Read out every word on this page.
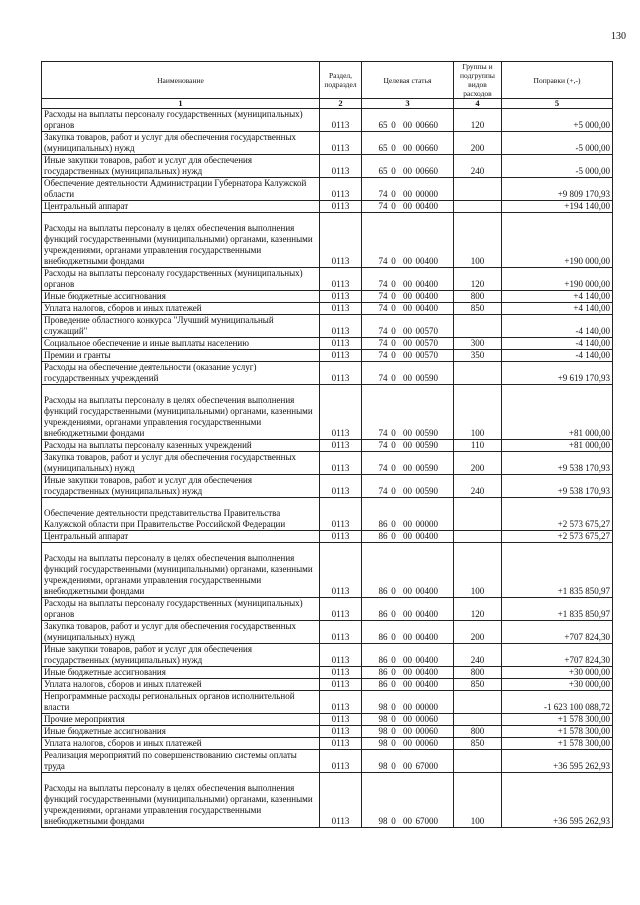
130
Наименование	Раздел, подраздел	Целевая статья	Группы и подгруппы видов расходов	Поправки (+,-)
1	2	3	4	5
Расходы на выплаты персоналу государственных (муниципальных) органов	0113	65 0 00 00660	120	+5 000,00
Закупка товаров, работ и услуг для обеспечения государственных (муниципальных) нужд	0113	65 0 00 00660	200	-5 000,00
Иные закупки товаров, работ и услуг для обеспечения государственных (муниципальных) нужд	0113	65 0 00 00660	240	-5 000,00
Обеспечение деятельности Администрации Губернатора Калужской области	0113	74 0 00 00000		+9 809 170,93
Центральный аппарат	0113	74 0 00 00400		+194 140,00
Расходы на выплаты персоналу в целях обеспечения выполнения функций государственными (муниципальными) органами, казенными учреждениями, органами управления государственными внебюджетными фондами	0113	74 0 00 00400	100	+190 000,00
Расходы на выплаты персоналу государственных (муниципальных) органов	0113	74 0 00 00400	120	+190 000,00
Иные бюджетные ассигнования	0113	74 0 00 00400	800	+4 140,00
Уплата налогов, сборов и иных платежей	0113	74 0 00 00400	850	+4 140,00
Проведение областного конкурса "Лучший муниципальный служащий"	0113	74 0 00 00570		-4 140,00
Социальное обеспечение и иные выплаты населению	0113	74 0 00 00570	300	-4 140,00
Премии и гранты	0113	74 0 00 00570	350	-4 140,00
Расходы на обеспечение деятельности (оказание услуг) государственных учреждений	0113	74 0 00 00590		+9 619 170,93
Расходы на выплаты персоналу в целях обеспечения выполнения функций государственными (муниципальными) органами, казенными учреждениями, органами управления государственными внебюджетными фондами	0113	74 0 00 00590	100	+81 000,00
Расходы на выплаты персоналу казенных учреждений	0113	74 0 00 00590	110	+81 000,00
Закупка товаров, работ и услуг для обеспечения государственных (муниципальных) нужд	0113	74 0 00 00590	200	+9 538 170,93
Иные закупки товаров, работ и услуг для обеспечения государственных (муниципальных) нужд	0113	74 0 00 00590	240	+9 538 170,93
Обеспечение деятельности представительства Правительства Калужской области при Правительстве Российской Федерации	0113	86 0 00 00000		+2 573 675,27
Центральный аппарат	0113	86 0 00 00400		+2 573 675,27
Расходы на выплаты персоналу в целях обеспечения выполнения функций государственными (муниципальными) органами, казенными учреждениями, органами управления государственными внебюджетными фондами	0113	86 0 00 00400	100	+1 835 850,97
Расходы на выплаты персоналу государственных (муниципальных) органов	0113	86 0 00 00400	120	+1 835 850,97
Закупка товаров, работ и услуг для обеспечения государственных (муниципальных) нужд	0113	86 0 00 00400	200	+707 824,30
Иные закупки товаров, работ и услуг для обеспечения государственных (муниципальных) нужд	0113	86 0 00 00400	240	+707 824,30
Иные бюджетные ассигнования	0113	86 0 00 00400	800	+30 000,00
Уплата налогов, сборов и иных платежей	0113	86 0 00 00400	850	+30 000,00
Непрограммные расходы региональных органов исполнительной власти	0113	98 0 00 00000		-1 623 100 088,72
Прочие мероприятия	0113	98 0 00 00060		+1 578 300,00
Иные бюджетные ассигнования	0113	98 0 00 00060	800	+1 578 300,00
Уплата налогов, сборов и иных платежей	0113	98 0 00 00060	850	+1 578 300,00
Реализация мероприятий по совершенствованию системы оплаты труда	0113	98 0 00 67000		+36 595 262,93
Расходы на выплаты персоналу в целях обеспечения выполнения функций государственными (муниципальными) органами, казенными учреждениями, органами управления государственными внебюджетными фондами	0113	98 0 00 67000	100	+36 595 262,93
